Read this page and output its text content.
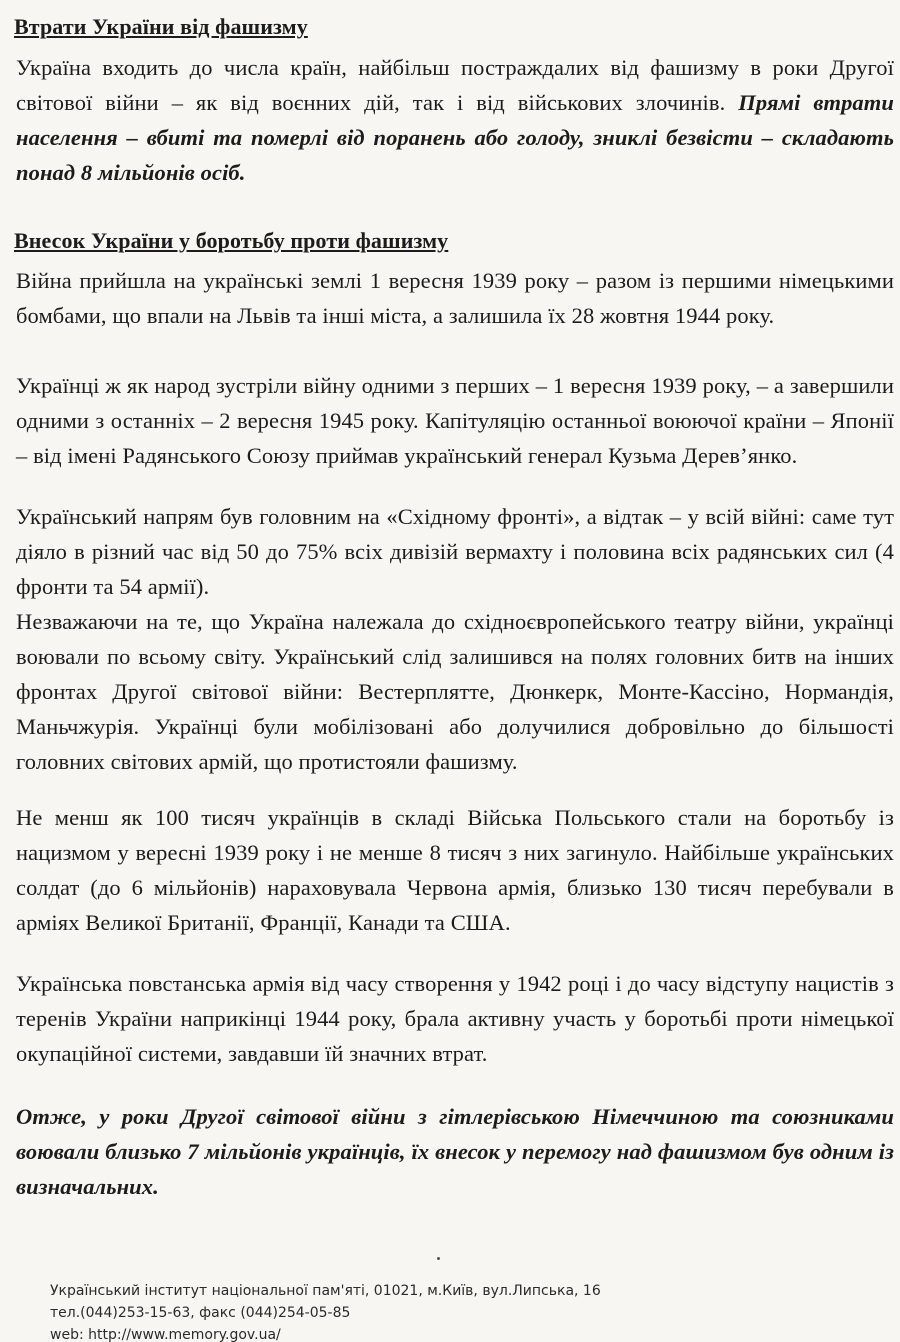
Втрати України від фашизму

Україна входить до числа країн, найбільш постраждалих від фашизму в роки Другої світової війни – як від воєнних дій, так і від військових злочинів. Прямі втрати населення – вбиті та померлі від поранень або голоду, зниклі безвісти – складають понад 8 мільйонів осіб.

Внесок України у боротьбу проти фашизму

Війна прийшла на українські землі 1 вересня 1939 року – разом із першими німецькими бомбами, що впали на Львів та інші міста, а залишила їх 28 жовтня 1944 року.

Українці ж як народ зустріли війну одними з перших – 1 вересня 1939 року, – а завершили одними з останніх – 2 вересня 1945 року. Капітуляцію останньої воюючої країни – Японії – від імені Радянського Союзу приймав український генерал Кузьма Дерев’янко.

Український напрям був головним на «Східному фронті», а відтак – у всій війні: саме тут діяло в різний час від 50 до 75% всіх дивізій вермахту і половина всіх радянських сил (4 фронти та 54 армії).

Незважаючи на те, що Україна належала до східноєвропейського театру війни, українці воювали по всьому світу. Український слід залишився на полях головних битв на інших фронтах Другої світової війни: Вестерплятте, Дюнкерк, Монте-Кассіно, Нормандія, Маньчжурія. Українці були мобілізовані або долучилися добровільно до більшості головних світових армій, що протистояли фашизму.

Не менш як 100 тисяч українців в складі Війська Польського стали на боротьбу із нацизмом у вересні 1939 року і не менше 8 тисяч з них загинуло. Найбільше українських солдат (до 6 мільйонів) нараховувала Червона армія, близько 130 тисяч перебували в арміях Великої Британії, Франції, Канади та США.

Українська повстанська армія від часу створення у 1942 році і до часу відступу нацистів з теренів України наприкінці 1944 року, брала активну участь у боротьбі проти німецької окупаційної системи, завдавши їй значних втрат.

Отже, у роки Другої світової війни з гітлерівською Німеччиною та союзниками воювали близько 7 мільйонів українців, їх внесок у перемогу над фашизмом був одним із визначальних.

Український інститут національної пам'яті, 01021, м.Київ, вул.Липська, 16
тел.(044)253-15-63, факс (044)254-05-85
web: http://www.memory.gov.ua/
